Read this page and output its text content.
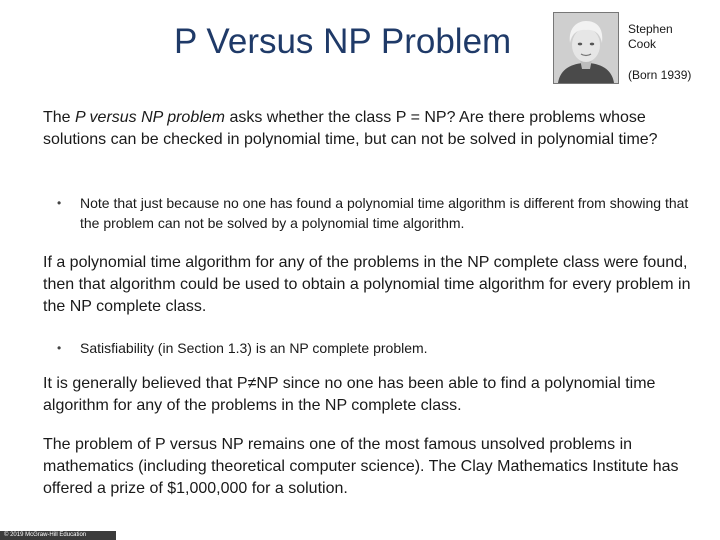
P Versus NP Problem	Stephen Cook
(Born 1939)
The P versus NP problem asks whether the class P = NP? Are there problems whose solutions can be checked in polynomial time, but can not be solved in polynomial time?
• Note that just because no one has found a polynomial time algorithm is different from showing that the problem can not be solved by a polynomial time algorithm.
If a polynomial time algorithm for any of the problems in the NP complete class were found, then that algorithm could be used to obtain a polynomial time algorithm for every problem in the NP complete class.
• Satisfiability (in Section 1.3) is an NP complete problem.
It is generally believed that P≠NP since no one has been able to find a polynomial time algorithm for any of the problems in the NP complete class.
The problem of P versus NP remains one of the most famous unsolved problems in mathematics (including theoretical computer science). The Clay Mathematics Institute has offered a prize of $1,000,000 for a solution.
© 2019 McGraw-Hill Education
